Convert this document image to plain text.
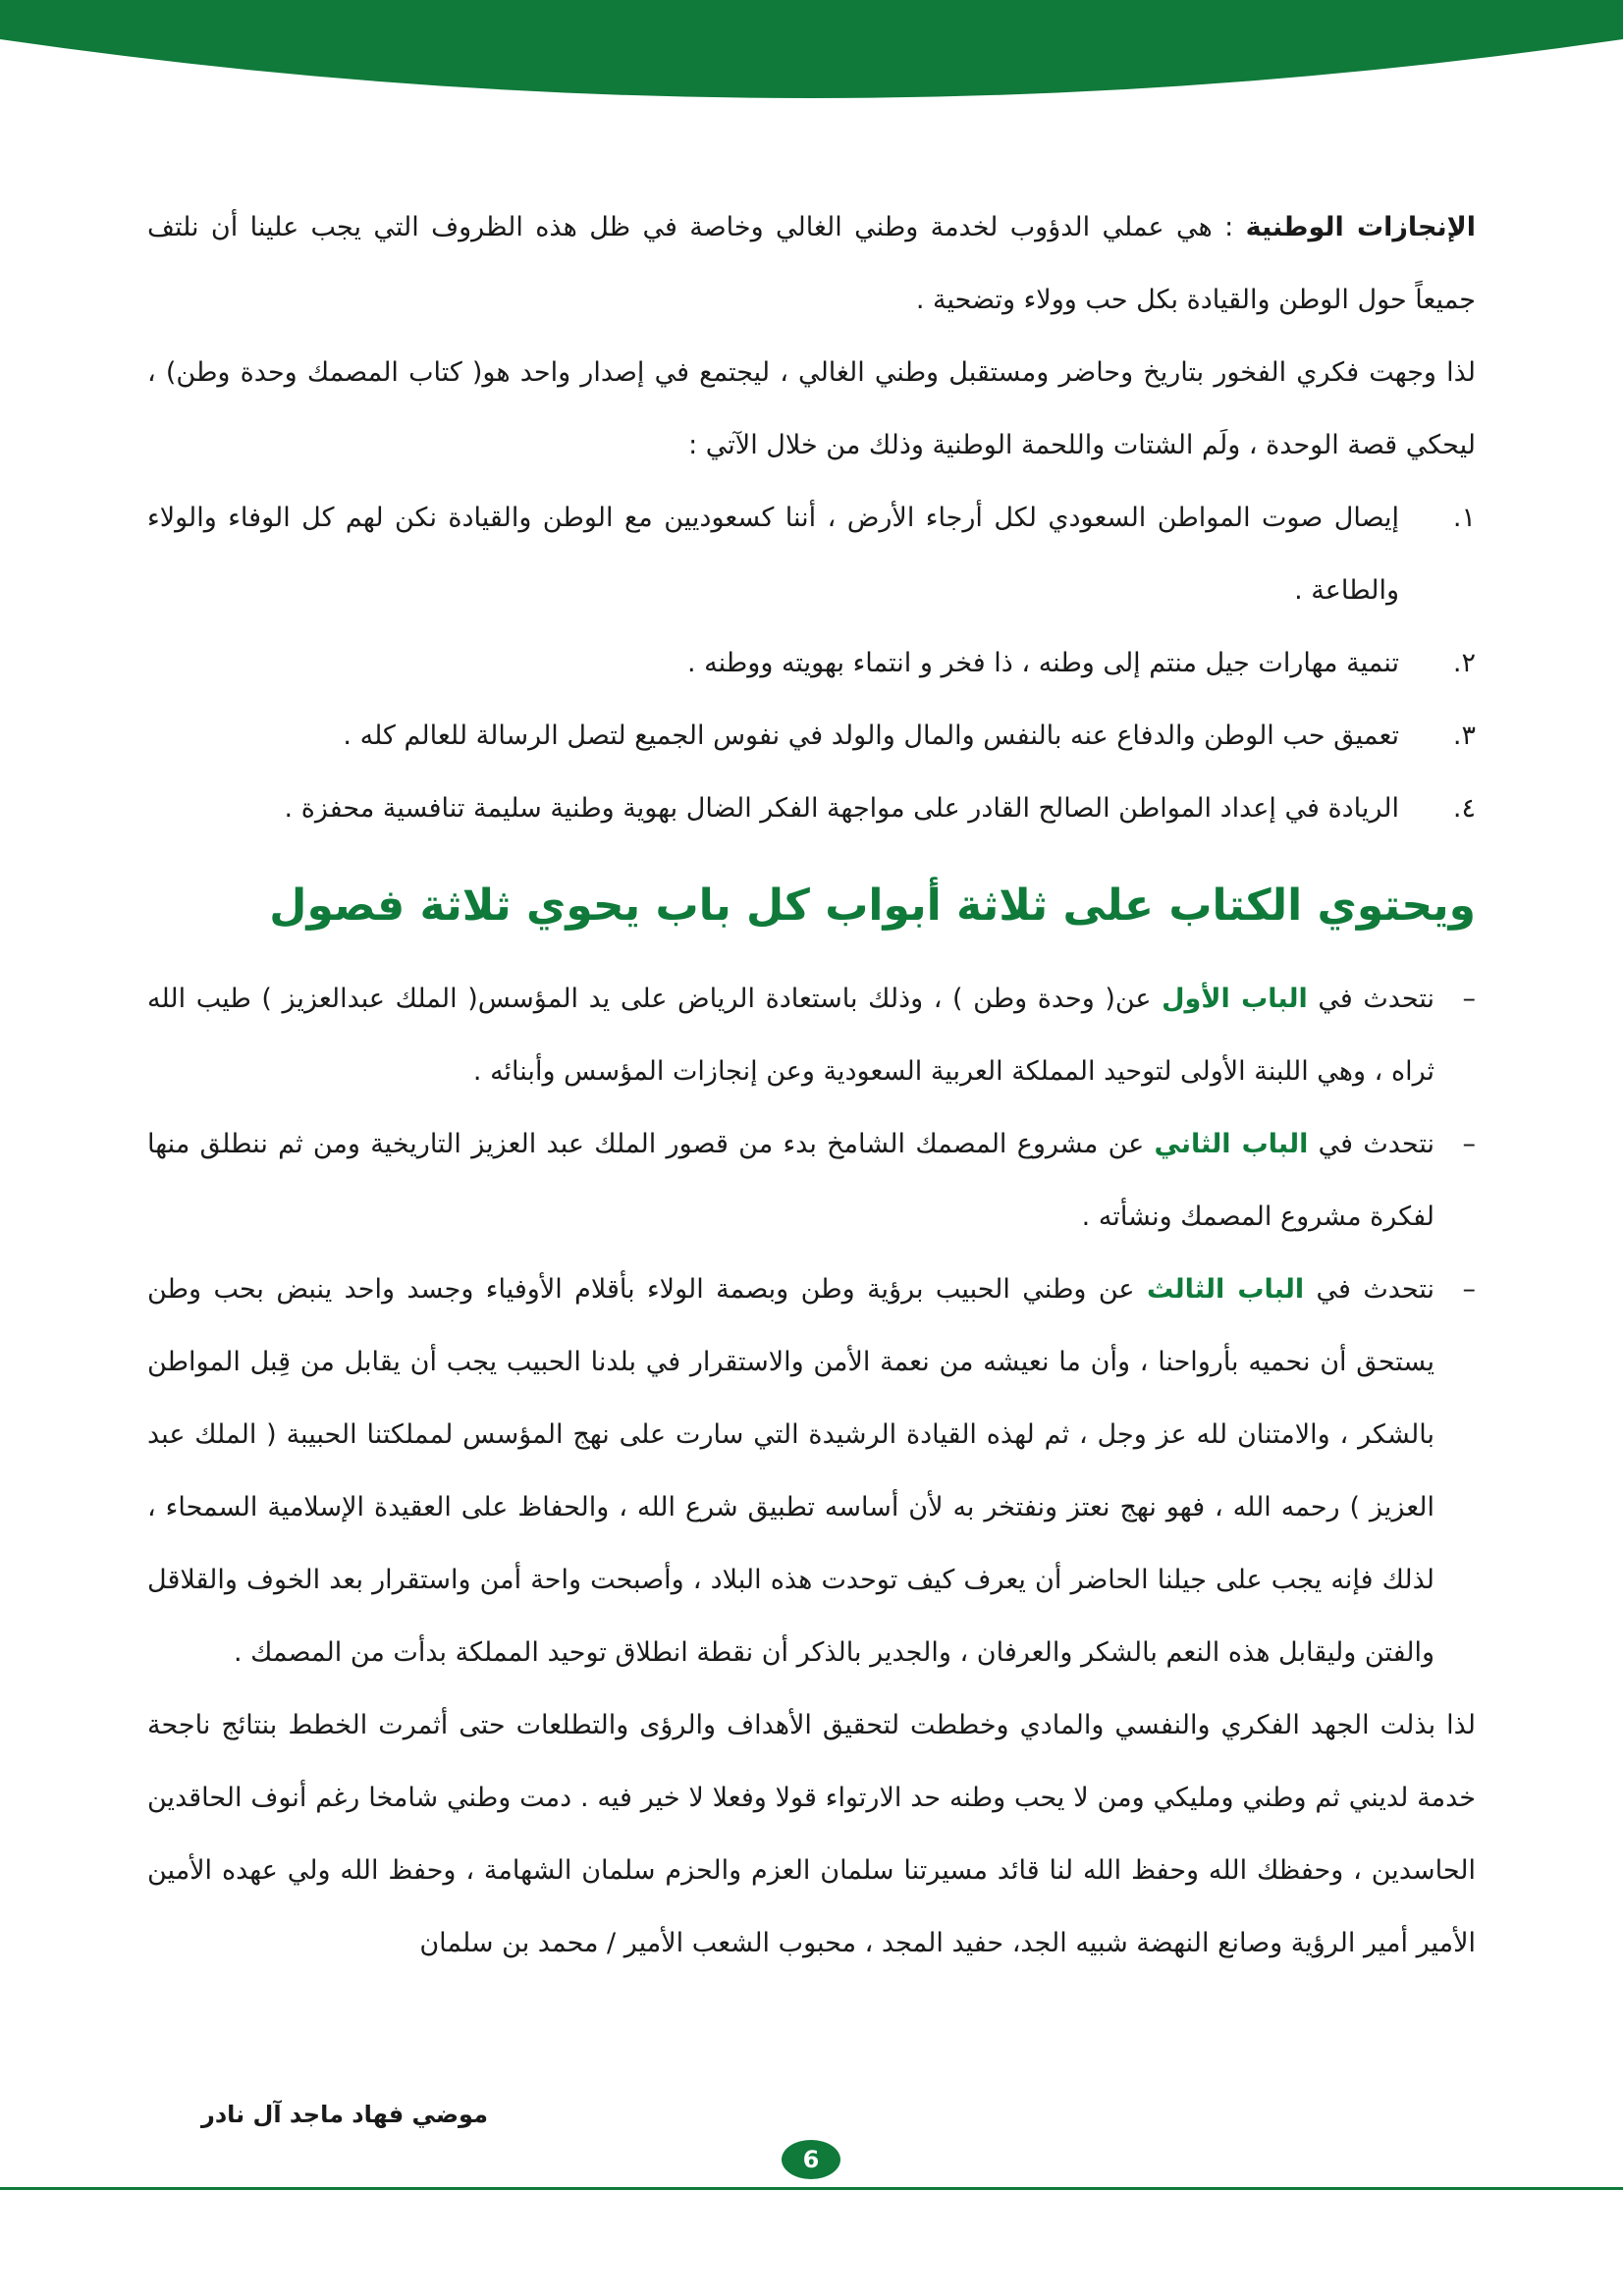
الإنجازات الوطنية : هي عملي الدؤوب لخدمة وطني الغالي وخاصة في ظل هذه الظروف التي يجب علينا أن نلتف جميعاً حول الوطن والقيادة بكل حب وولاء وتضحية .

لذا وجهت فكري الفخور بتاريخ وحاضر ومستقبل وطني الغالي ، ليجتمع في إصدار واحد هو( كتاب المصمك وحدة وطن) ، ليحكي قصة الوحدة ، ولَم الشتات واللحمة الوطنية وذلك من خلال الآتي :

١.
إيصال صوت المواطن السعودي لكل أرجاء الأرض ، أننا كسعوديين مع الوطن والقيادة نكن لهم كل الوفاء والولاء والطاعة .
٢.
تنمية مهارات جيل منتم إلى وطنه ، ذا فخر و انتماء بهويته ووطنه .
٣.
تعميق حب الوطن والدفاع عنه بالنفس والمال والولد في نفوس الجميع لتصل الرسالة للعالم كله .
٤.
الريادة في إعداد المواطن الصالح القادر على مواجهة الفكر الضال بهوية وطنية سليمة تنافسية محفزة .
ويحتوي الكتاب على ثلاثة أبواب كل باب يحوي ثلاثة فصول

–
نتحدث في الباب الأول عن( وحدة وطن ) ، وذلك باستعادة الرياض على يد المؤسس( الملك عبدالعزيز ) طيب الله ثراه ، وهي اللبنة الأولى لتوحيد المملكة العربية السعودية وعن إنجازات المؤسس وأبنائه .

–
نتحدث في الباب الثاني عن مشروع المصمك الشامخ بدء من قصور الملك عبد العزيز التاريخية ومن ثم ننطلق منها لفكرة مشروع المصمك ونشأته .

–
نتحدث في الباب الثالث عن وطني الحبيب برؤية وطن وبصمة الولاء بأقلام الأوفياء وجسد واحد ينبض بحب وطن يستحق أن نحميه بأرواحنا ، وأن ما نعيشه من نعمة الأمن والاستقرار في بلدنا الحبيب يجب أن يقابل من قِبل المواطن بالشكر ، والامتنان لله عز وجل ، ثم لهذه القيادة الرشيدة التي سارت على نهج المؤسس لمملكتنا الحبيبة ( الملك عبد العزيز ) رحمه الله ، فهو نهج نعتز ونفتخر به لأن أساسه تطبيق شرع الله ، والحفاظ على العقيدة الإسلامية السمحاء ، لذلك فإنه يجب على جيلنا الحاضر أن يعرف كيف توحدت هذه البلاد ، وأصبحت واحة أمن واستقرار بعد الخوف والقلاقل والفتن وليقابل هذه النعم بالشكر والعرفان ، والجدير بالذكر أن نقطة انطلاق توحيد المملكة بدأت من المصمك .

لذا بذلت الجهد الفكري والنفسي والمادي وخططت لتحقيق الأهداف والرؤى والتطلعات حتى أثمرت الخطط بنتائج ناجحة خدمة لديني ثم وطني ومليكي ومن لا يحب وطنه حد الارتواء قولا وفعلا لا خير فيه . دمت وطني شامخا رغم أنوف الحاقدين الحاسدين ، وحفظك الله وحفظ الله لنا قائد مسيرتنا سلمان العزم والحزم سلمان الشهامة ، وحفظ الله ولي عهده الأمين الأمير أمير الرؤية وصانع النهضة شبيه الجد، حفيد المجد ، محبوب الشعب الأمير / محمد بن سلمان

موضي فهاد ماجد آل نادر
6
